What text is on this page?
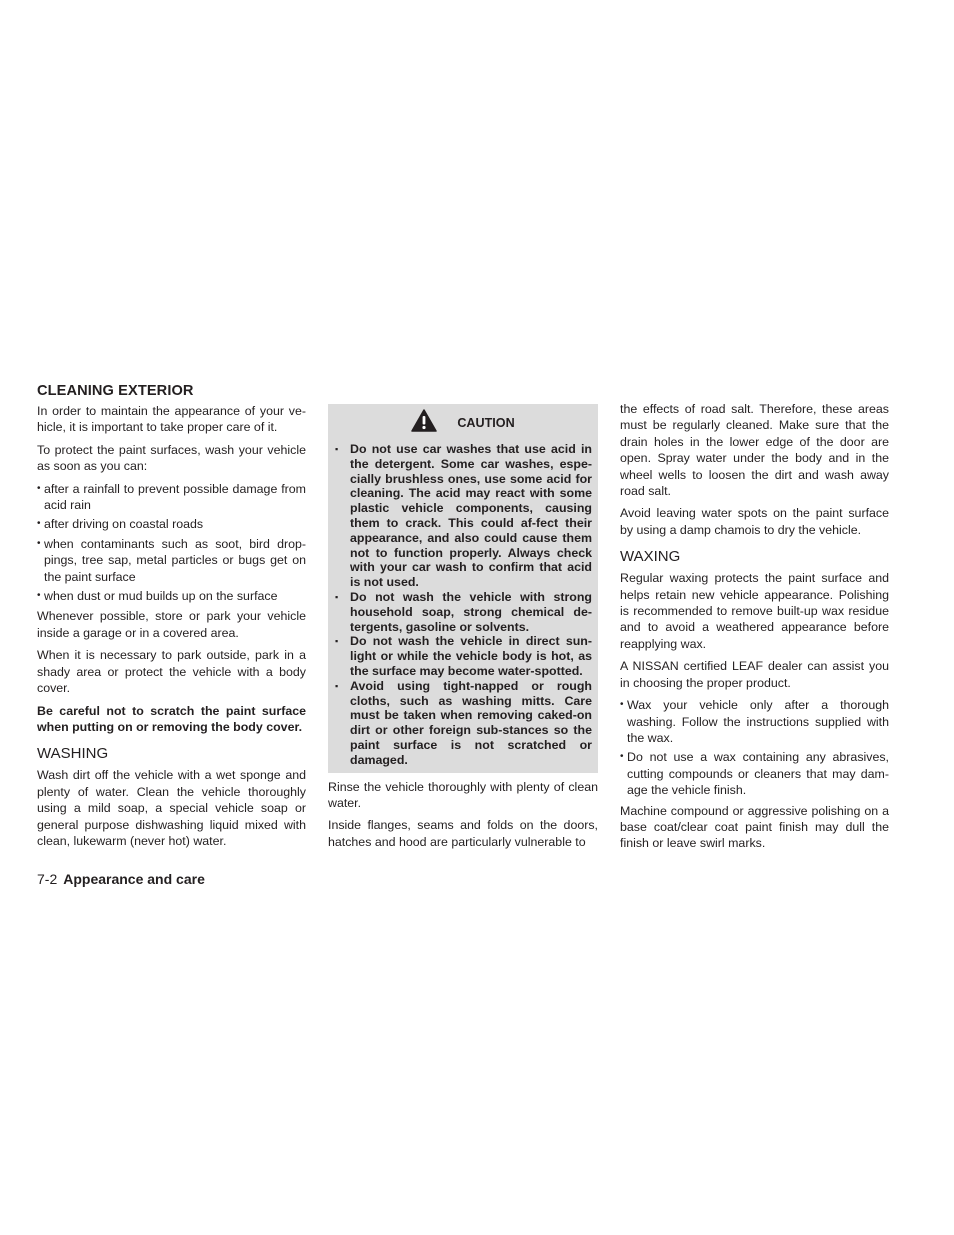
CLEANING EXTERIOR

In order to maintain the appearance of your ve-hicle, it is important to take proper care of it.

To protect the paint surfaces, wash your vehicle as soon as you can:

• after a rainfall to prevent possible damage from acid rain
• after driving on coastal roads
• when contaminants such as soot, bird drop-pings, tree sap, metal particles or bugs get on the paint surface
• when dust or mud builds up on the surface

Whenever possible, store or park your vehicle inside a garage or in a covered area.

When it is necessary to park outside, park in a shady area or protect the vehicle with a body cover.

Be careful not to scratch the paint surface when putting on or removing the body cover.

WASHING

Wash dirt off the vehicle with a wet sponge and plenty of water. Clean the vehicle thoroughly using a mild soap, a special vehicle soap or general purpose dishwashing liquid mixed with clean, lukewarm (never hot) water.

CAUTION
▪ Do not use car washes that use acid in the detergent. Some car washes, espe-cially brushless ones, use some acid for cleaning. The acid may react with some plastic vehicle components, causing them to crack. This could af-fect their appearance, and also could cause them not to function properly. Always check with your car wash to confirm that acid is not used.
▪ Do not wash the vehicle with strong household soap, strong chemical de-tergents, gasoline or solvents.
▪ Do not wash the vehicle in direct sun-light or while the vehicle body is hot, as the surface may become water-spotted.
▪ Avoid using tight-napped or rough cloths, such as washing mitts. Care must be taken when removing caked-on dirt or other foreign sub-stances so the paint surface is not scratched or damaged.

Rinse the vehicle thoroughly with plenty of clean water.

Inside flanges, seams and folds on the doors, hatches and hood are particularly vulnerable to

the effects of road salt. Therefore, these areas must be regularly cleaned. Make sure that the drain holes in the lower edge of the door are open. Spray water under the body and in the wheel wells to loosen the dirt and wash away road salt.

Avoid leaving water spots on the paint surface by using a damp chamois to dry the vehicle.

WAXING

Regular waxing protects the paint surface and helps retain new vehicle appearance. Polishing is recommended to remove built-up wax residue and to avoid a weathered appearance before reapplying wax.

A NISSAN certified LEAF dealer can assist you in choosing the proper product.

• Wax your vehicle only after a thorough washing. Follow the instructions supplied with the wax.
• Do not use a wax containing any abrasives, cutting compounds or cleaners that may dam-age the vehicle finish.

Machine compound or aggressive polishing on a base coat/clear coat paint finish may dull the finish or leave swirl marks.

7-2 Appearance and care
